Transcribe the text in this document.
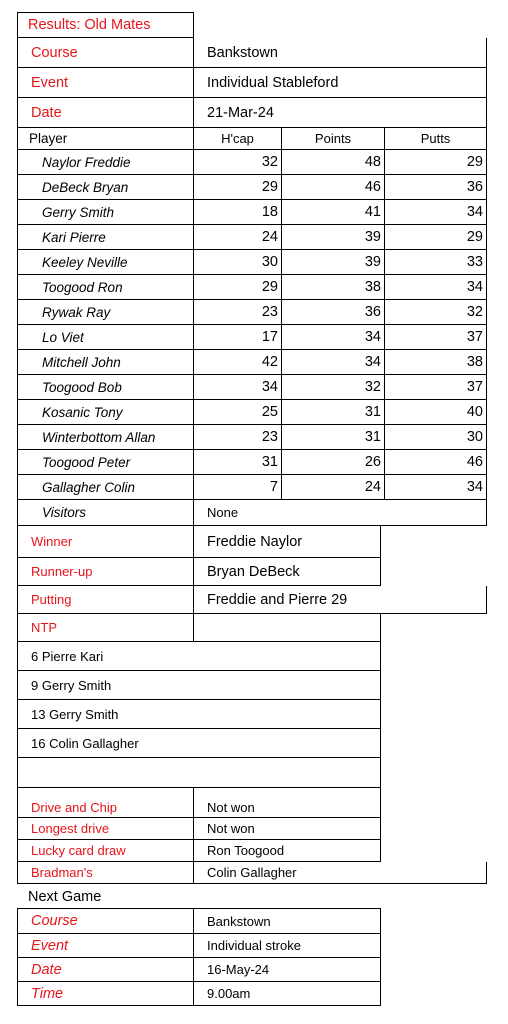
Results: Old Mates
Course	Bankstown
Event	Individual Stableford
Date	21-Mar-24
Player	H'cap	Points	Putts
Naylor Freddie	32	48	29
DeBeck Bryan	29	46	36
Gerry Smith	18	41	34
Kari Pierre	24	39	29
Keeley Neville	30	39	33
Toogood Ron	29	38	34
Rywak Ray	23	36	32
Lo Viet	17	34	37
Mitchell John	42	34	38
Toogood Bob	34	32	37
Kosanic Tony	25	31	40
Winterbottom Allan	23	31	30
Toogood Peter	31	26	46
Gallagher Colin	7	24	34
Visitors	None
Winner	Freddie Naylor
Runner-up	Bryan DeBeck
Putting	Freddie and Pierre 29
NTP
6 Pierre Kari
9 Gerry Smith
13 Gerry Smith
16 Colin Gallagher
Drive and Chip	Not won
Longest drive	Not won
Lucky card draw	Ron Toogood
Bradman's	Colin Gallagher
Next Game
Course	Bankstown
Event	Individual stroke
Date	16-May-24
Time	9.00am
